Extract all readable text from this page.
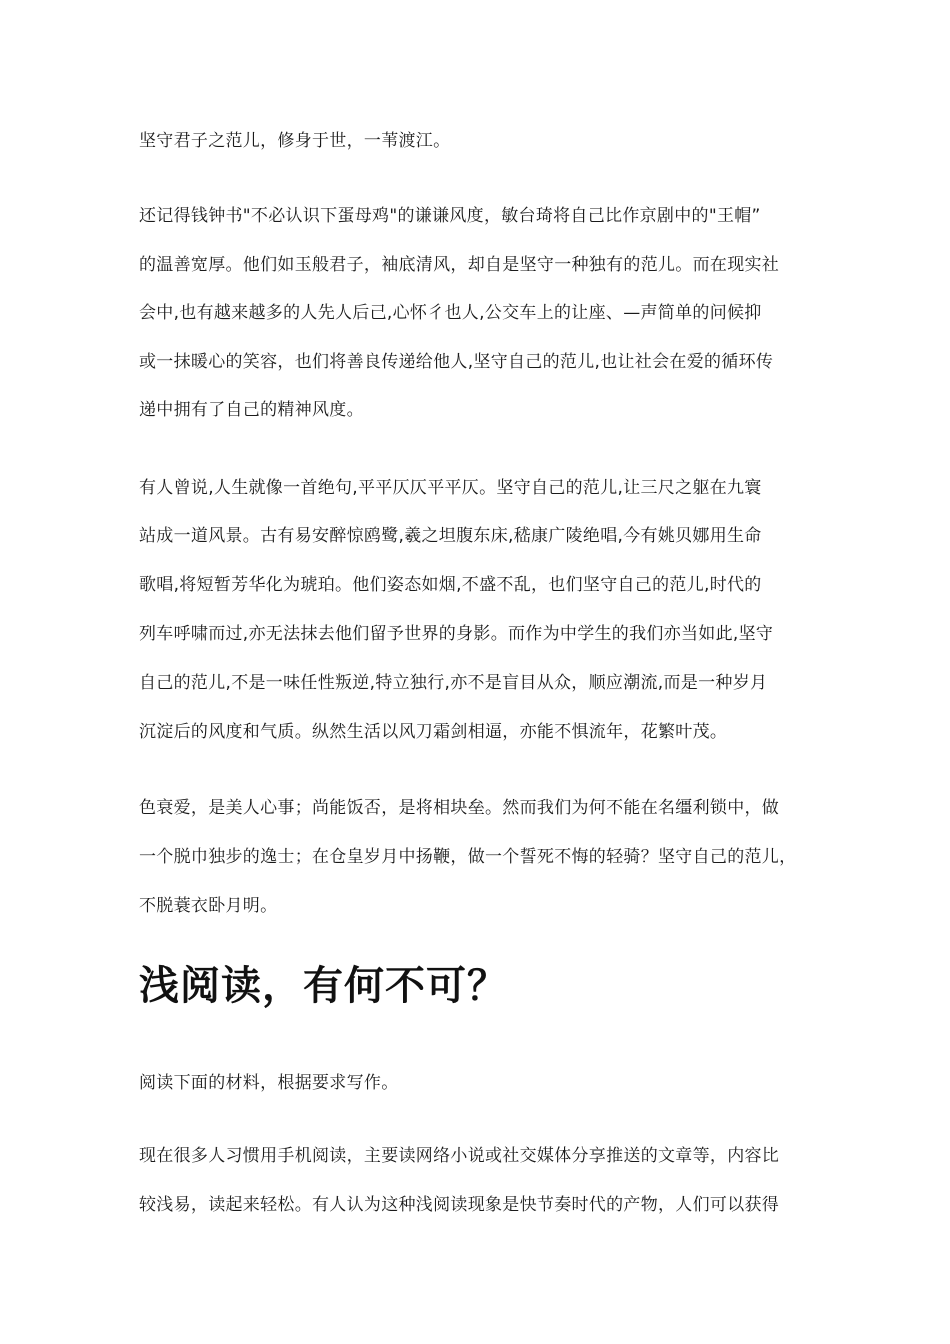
坚守君子之范儿，修身于世，一苇渡江。
还记得钱钟书"不必认识下蛋母鸡"的谦谦风度，敏台琦将自己比作京剧中的"王帽”
的温善宽厚。他们如玉般君子，袖底清风，却自是坚守一种独有的范儿。而在现实社
会中,也有越来越多的人先人后己,心怀彳也人,公交车上的让座、—声简单的问候抑
或一抹暖心的笑容，也们将善良传递给他人,坚守自己的范儿,也让社会在爱的循环传
递中拥有了自己的精神风度。
有人曾说,人生就像一首绝句,平平仄仄平平仄。坚守自己的范儿,让三尺之躯在九寰
站成一道风景。古有易安醉惊鸥鹭,羲之坦腹东床,嵇康广陵绝唱,今有姚贝娜用生命
歌唱,将短暂芳华化为琥珀。他们姿态如烟,不盛不乱，也们坚守自己的范儿,时代的
列车呼啸而过,亦无法抹去他们留予世界的身影。而作为中学生的我们亦当如此,坚守
自己的范儿,不是一味任性叛逆,特立独行,亦不是盲目从众，顺应潮流,而是一种岁月
沉淀后的风度和气质。纵然生活以风刀霜剑相逼，亦能不惧流年，花繁叶茂。
色衰爱，是美人心事；尚能饭否，是将相块垒。然而我们为何不能在名缰利锁中，做
一个脱巾独步的逸士；在仓皇岁月中扬鞭，做一个誓死不悔的轻骑？坚守自己的范儿，
不脱蓑衣卧月明。
浅阅读，有何不可？
阅读下面的材料，根据要求写作。
现在很多人习惯用手机阅读，主要读网络小说或社交媒体分享推送的文章等，内容比
较浅易，读起来轻松。有人认为这种浅阅读现象是快节奏时代的产物，人们可以获得
